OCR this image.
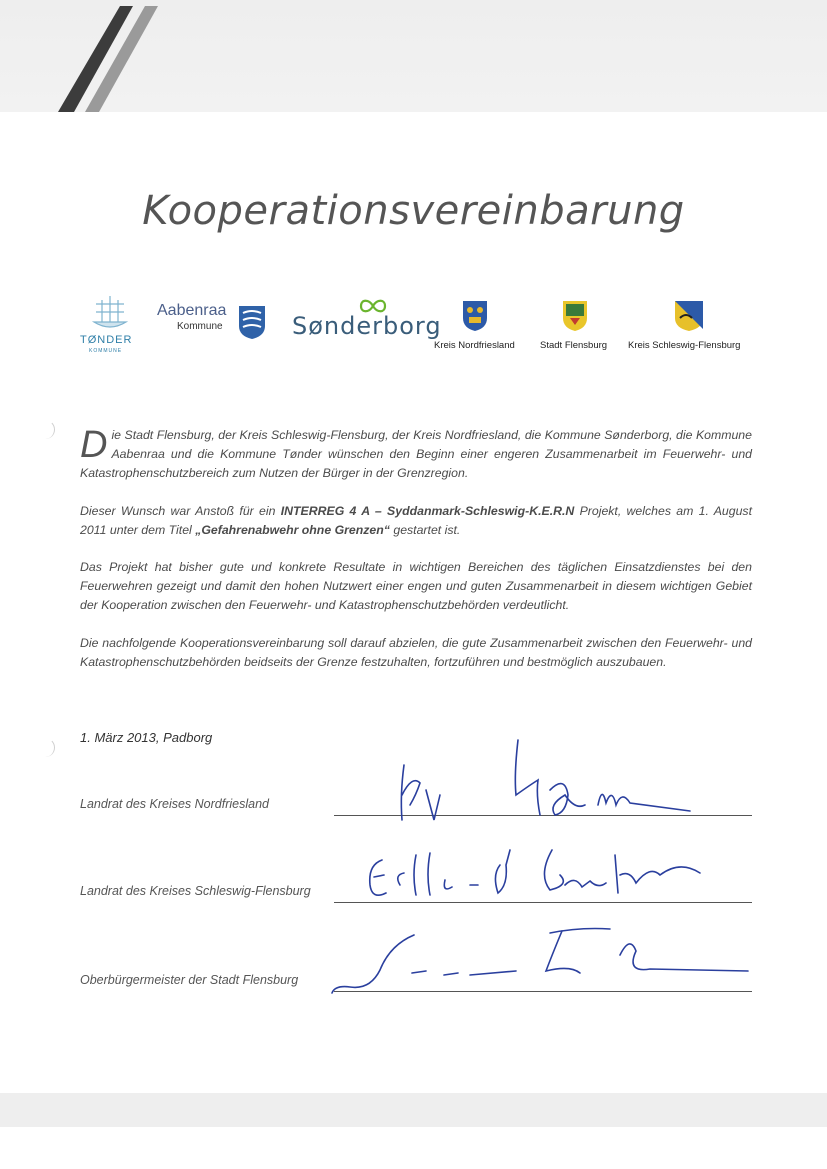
Kooperationsvereinbarung
TØNDER
KOMMUNE
Aabenraa
Kommune	Sønderborg
Kreis Nordfriesland	Stadt Flensburg Kreis Schleswig-Flensburg
Die Stadt Flensburg, der Kreis Schleswig-Flensburg, der Kreis Nordfriesland, die Kommune Sønderborg, die Kommune Aabenraa und die Kommune Tønder wünschen den Beginn einer engeren Zusammenarbeit im Feuerwehr- und Katastrophenschutzbereich zum Nutzen der Bürger in der Grenzregion.
Dieser Wunsch war Anstoß für ein INTERREG 4 A – Syddanmark-Schleswig-K.E.R.N Projekt, welches am 1. August 2011 unter dem Titel „Gefahrenabwehr ohne Grenzen“ gestartet ist.
Das Projekt hat bisher gute und konkrete Resultate in wichtigen Bereichen des täglichen Einsatzdienstes bei den Feuerwehren gezeigt und damit den hohen Nutzwert einer engen und guten Zusammenarbeit in diesem wichtigen Gebiet der Kooperation zwischen den Feuerwehr- und Katastrophenschutzbehörden verdeutlicht.
Die nachfolgende Kooperationsvereinbarung soll darauf abzielen, die gute Zusammenarbeit zwischen den Feuerwehr- und Katastrophenschutzbehörden beidseits der Grenze festzuhalten, fortzuführen und bestmöglich auszubauen.
1. März 2013, Padborg
Landrat des Kreises Nordfriesland
Landrat des Kreises Schleswig-Flensburg
Oberbürgermeister der Stadt Flensburg
